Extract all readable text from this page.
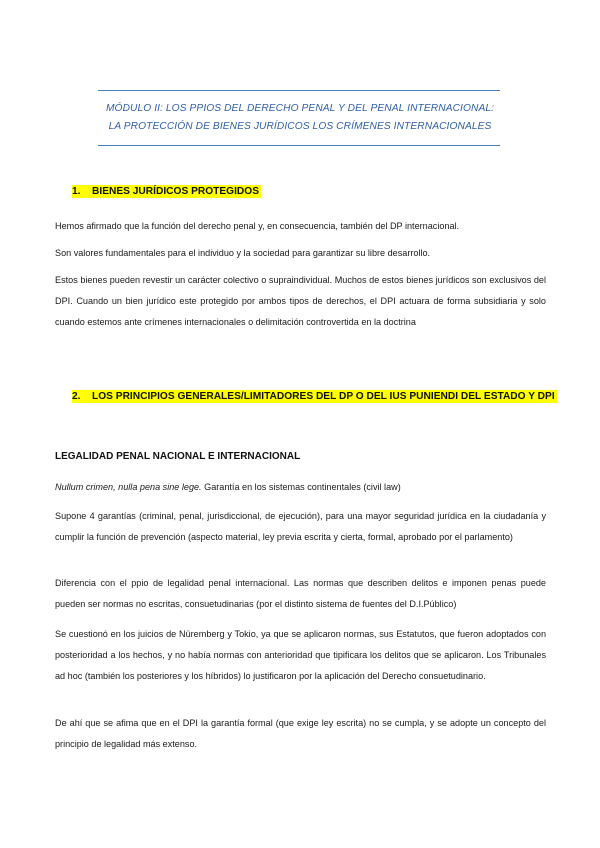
MÓDULO II: LOS PPIOS DEL DERECHO PENAL Y DEL PENAL INTERNACIONAL:
LA PROTECCIÓN DE BIENES JURÍDICOS LOS CRÍMENES INTERNACIONALES
1. BIENES JURÍDICOS PROTEGIDOS
Hemos afirmado que la función del derecho penal y, en consecuencia, también del DP internacional.
Son valores fundamentales para el individuo y la sociedad para garantizar su libre desarrollo.
Estos bienes pueden revestir un carácter colectivo o supraindividual. Muchos de estos bienes jurídicos son exclusivos del DPI. Cuando un bien jurídico este protegido por ambos tipos de derechos, el DPI actuara de forma subsidiaria y solo cuando estemos ante crímenes internacionales o delimitación controvertida en la doctrina
2. LOS PRINCIPIOS GENERALES/LIMITADORES DEL DP O DEL IUS PUNIENDI DEL ESTADO Y DPI
LEGALIDAD PENAL NACIONAL E INTERNACIONAL
Nullum crimen, nulla pena sine lege. Garantía en los sistemas continentales (civil law)
Supone 4 garantías (criminal, penal, jurisdiccional, de ejecución), para una mayor seguridad jurídica en la ciudadanía y cumplir la función de prevención (aspecto material, ley previa escrita y cierta, formal, aprobado por el parlamento)
Diferencia con el ppio de legalidad penal internacional. Las normas que describen delitos e imponen penas puede pueden ser normas no escritas, consuetudinarias (por el distinto sistema de fuentes del D.I.Público)
Se cuestionó en los juicios de Nüremberg y Tokio, ya que se aplicaron normas, sus Estatutos, que fueron adoptados con posterioridad a los hechos, y no había normas con anterioridad que tipificara los delitos que se aplicaron. Los Tribunales ad hoc (también los posteriores y los híbridos) lo justificaron por la aplicación del Derecho consuetudinario.
De ahí que se afima que en el DPI la garantía formal (que exige ley escrita) no se cumpla, y se adopte un concepto del principio de legalidad más extenso.
